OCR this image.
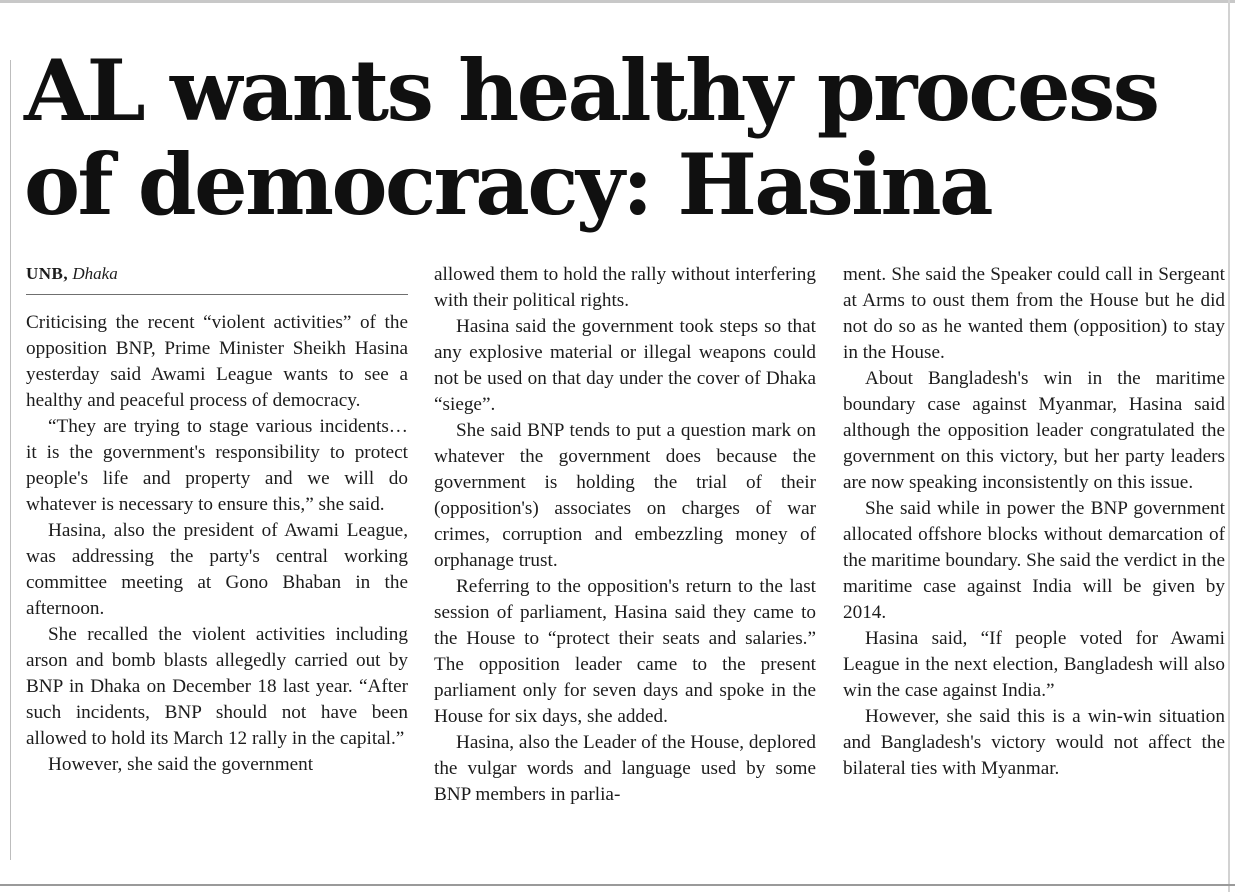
AL wants healthy process
of democracy: Hasina
UNB, Dhaka

Criticising the recent “violent activities” of the opposition BNP, Prime Minister Sheikh Hasina yesterday said Awami League wants to see a healthy and peaceful process of democracy.

“They are trying to stage various incidents… it is the government's responsibility to protect people's life and property and we will do whatever is necessary to ensure this,” she said.

Hasina, also the president of Awami League, was addressing the party's central working committee meeting at Gono Bhaban in the afternoon.

She recalled the violent activities including arson and bomb blasts allegedly carried out by BNP in Dhaka on December 18 last year. “After such incidents, BNP should not have been allowed to hold its March 12 rally in the capital.”

However, she said the government

allowed them to hold the rally without interfering with their political rights.

Hasina said the government took steps so that any explosive material or illegal weapons could not be used on that day under the cover of Dhaka “siege”.

She said BNP tends to put a question mark on whatever the government does because the government is holding the trial of their (opposition's) associates on charges of war crimes, corruption and embezzling money of orphanage trust.

Referring to the opposition's return to the last session of parliament, Hasina said they came to the House to “protect their seats and salaries.” The opposition leader came to the present parliament only for seven days and spoke in the House for six days, she added.

Hasina, also the Leader of the House, deplored the vulgar words and language used by some BNP members in parlia-

ment. She said the Speaker could call in Sergeant at Arms to oust them from the House but he did not do so as he wanted them (opposition) to stay in the House.

About Bangladesh's win in the maritime boundary case against Myanmar, Hasina said although the opposition leader congratulated the government on this victory, but her party leaders are now speaking inconsistently on this issue.

She said while in power the BNP government allocated offshore blocks without demarcation of the maritime boundary. She said the verdict in the maritime case against India will be given by 2014.

Hasina said, “If people voted for Awami League in the next election, Bangladesh will also win the case against India.”

However, she said this is a win-win situation and Bangladesh's victory would not affect the bilateral ties with Myanmar.
